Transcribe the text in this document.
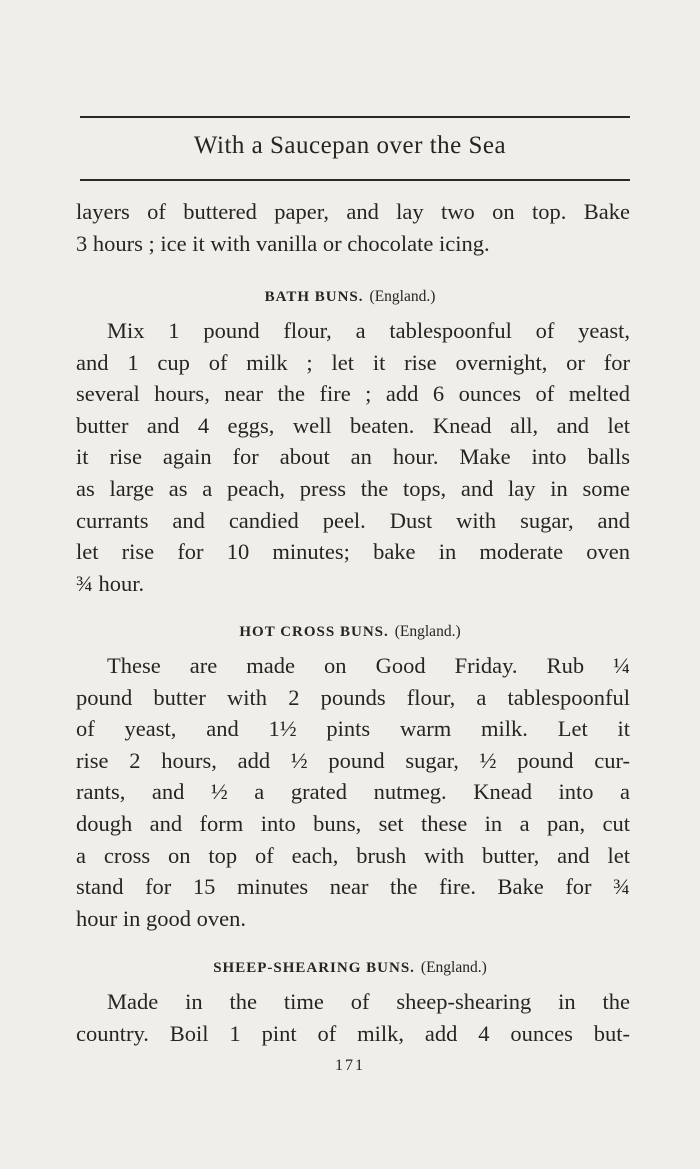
With a Saucepan over the Sea
layers of buttered paper, and lay two on top. Bake
3 hours ; ice it with vanilla or chocolate icing.
BATH BUNS. (England.)
Mix 1 pound flour, a tablespoonful of yeast,
and 1 cup of milk ; let it rise overnight, or for
several hours, near the fire ; add 6 ounces of melted
butter and 4 eggs, well beaten. Knead all, and let
it rise again for about an hour. Make into balls
as large as a peach, press the tops, and lay in some
currants and candied peel. Dust with sugar, and
let rise for 10 minutes; bake in moderate oven
¾ hour.
HOT CROSS BUNS. (England.)
These are made on Good Friday. Rub ¼
pound butter with 2 pounds flour, a tablespoonful
of yeast, and 1½ pints warm milk. Let it
rise 2 hours, add ½ pound sugar, ½ pound cur-
rants, and ½ a grated nutmeg. Knead into a
dough and form into buns, set these in a pan, cut
a cross on top of each, brush with butter, and let
stand for 15 minutes near the fire. Bake for ¾
hour in good oven.
SHEEP-SHEARING BUNS. (England.)
Made in the time of sheep-shearing in the
country. Boil 1 pint of milk, add 4 ounces but-
171
